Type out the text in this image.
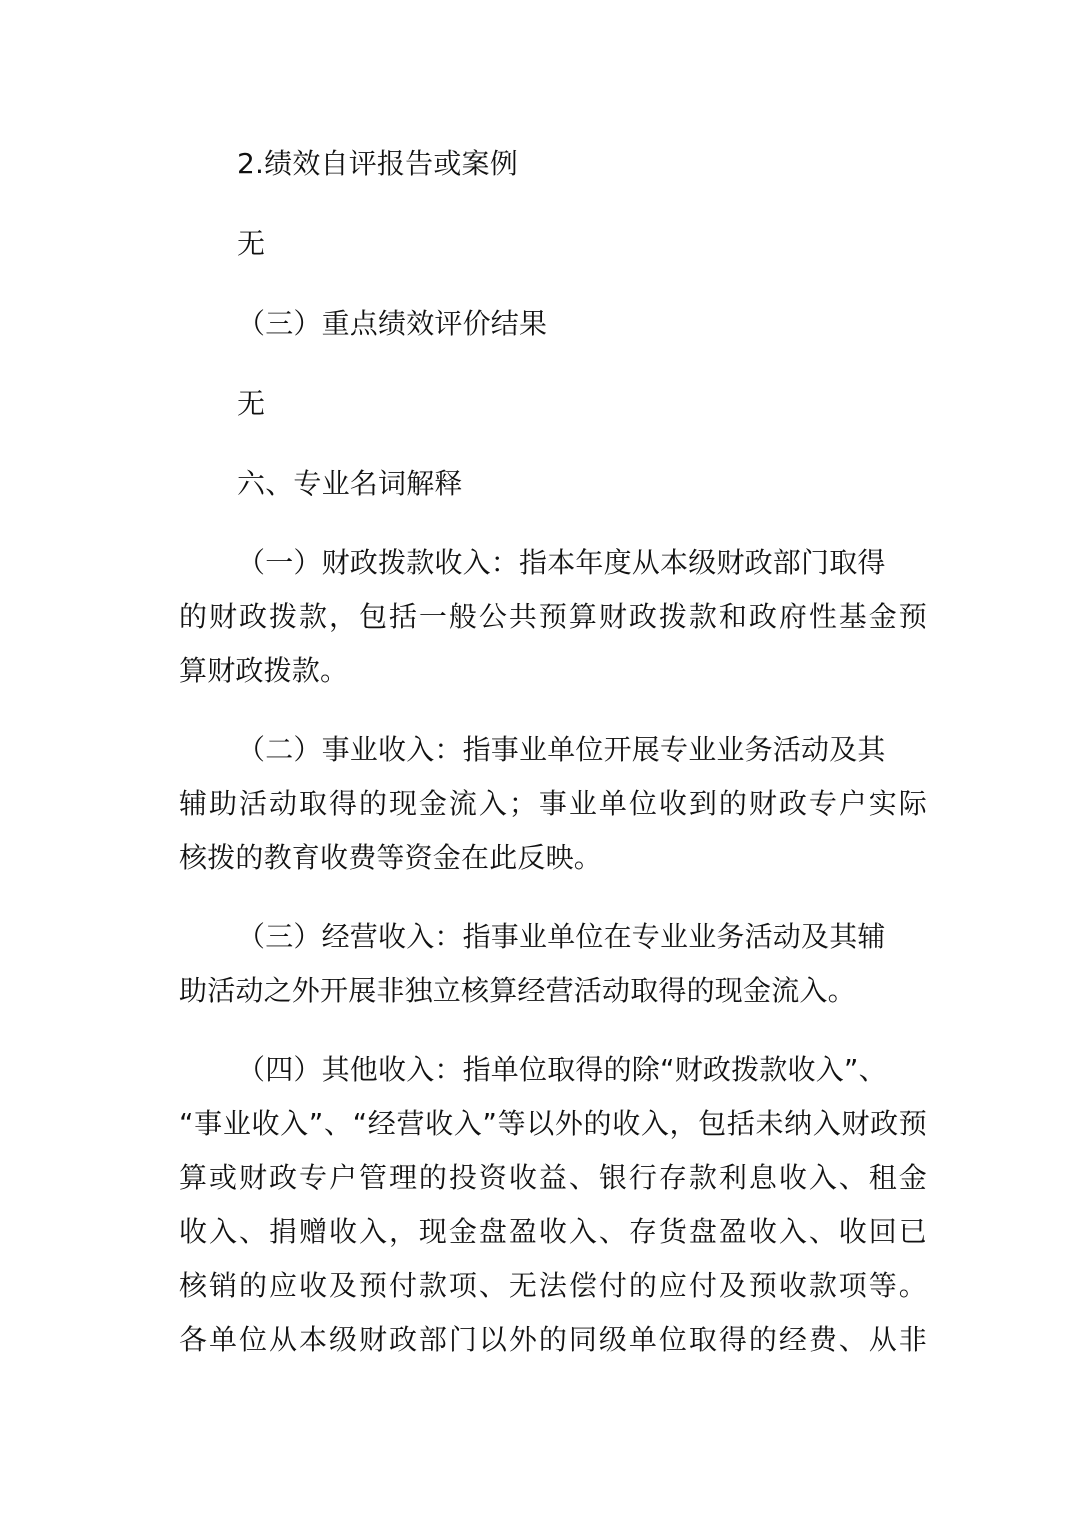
2.绩效自评报告或案例
无
（三）重点绩效评价结果
无
六、专业名词解释
（一）财政拨款收入：指本年度从本级财政部门取得
的财政拨款，包括一般公共预算财政拨款和政府性基金预
算财政拨款。
（二）事业收入：指事业单位开展专业业务活动及其
辅助活动取得的现金流入；事业单位收到的财政专户实际
核拨的教育收费等资金在此反映。
（三）经营收入：指事业单位在专业业务活动及其辅
助活动之外开展非独立核算经营活动取得的现金流入。
（四）其他收入：指单位取得的除“财政拨款收入”、
“事业收入”、“经营收入”等以外的收入，包括未纳入财政预
算或财政专户管理的投资收益、银行存款利息收入、租金
收入、捐赠收入，现金盘盈收入、存货盘盈收入、收回已
核销的应收及预付款项、无法偿付的应付及预收款项等。
各单位从本级财政部门以外的同级单位取得的经费、从非
